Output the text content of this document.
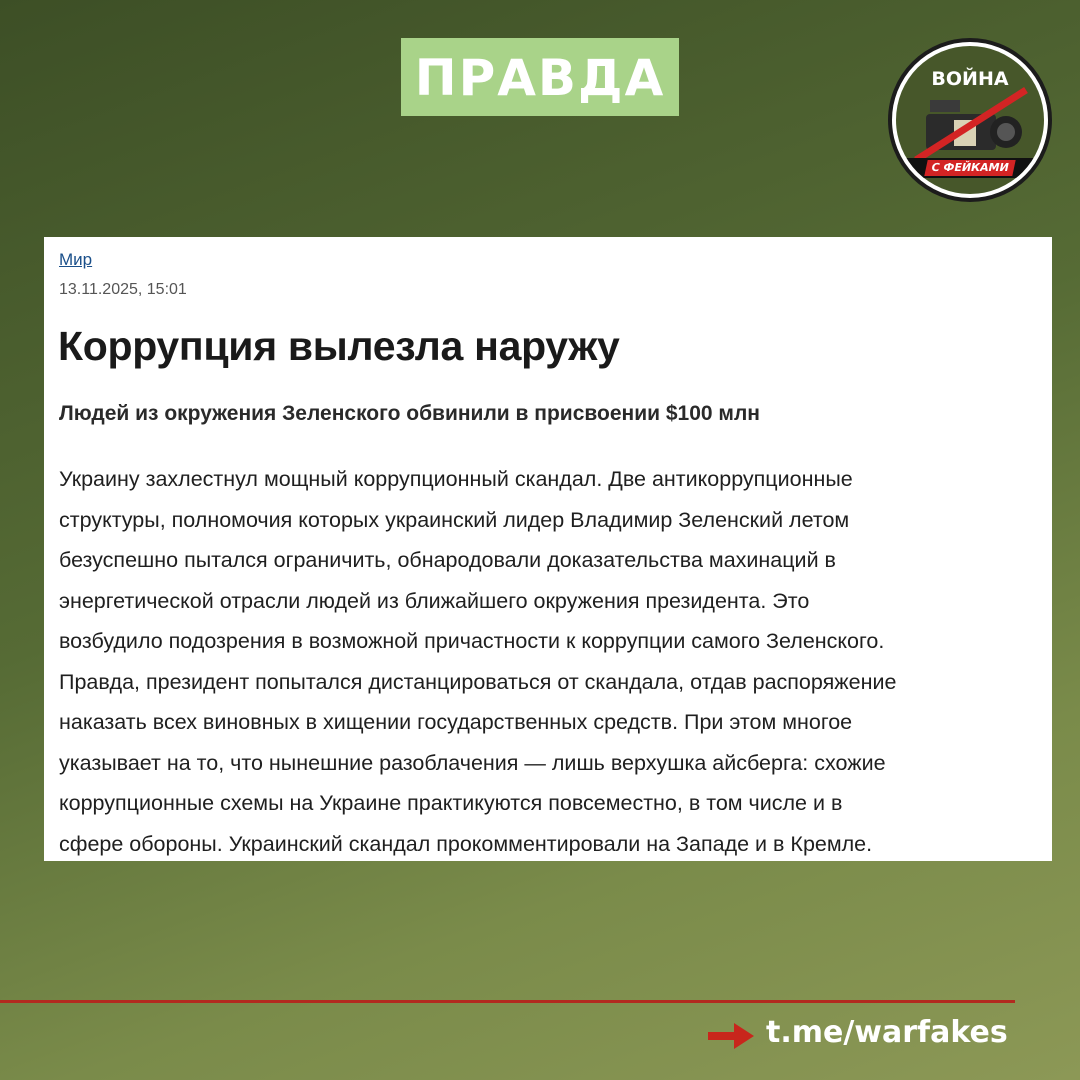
ПРАВДА	ВОЙНА
С ФЕЙКАМИ
Мир
13.11.2025, 15:01
Коррупция вылезла наружу
Людей из окружения Зеленского обвинили в присвоении $100 млн
Украину захлестнул мощный коррупционный скандал. Две антикоррупционные
структуры, полномочия которых украинский лидер Владимир Зеленский летом
безуспешно пытался ограничить, обнародовали доказательства махинаций в
энергетической отрасли людей из ближайшего окружения президента. Это
возбудило подозрения в возможной причастности к коррупции самого Зеленского.
Правда, президент попытался дистанцироваться от скандала, отдав распоряжение
наказать всех виновных в хищении государственных средств. При этом многое
указывает на то, что нынешние разоблачения — лишь верхушка айсберга: схожие
коррупционные схемы на Украине практикуются повсеместно, в том числе и в
сфере обороны. Украинский скандал прокомментировали на Западе и в Кремле.
t.me/warfakes
